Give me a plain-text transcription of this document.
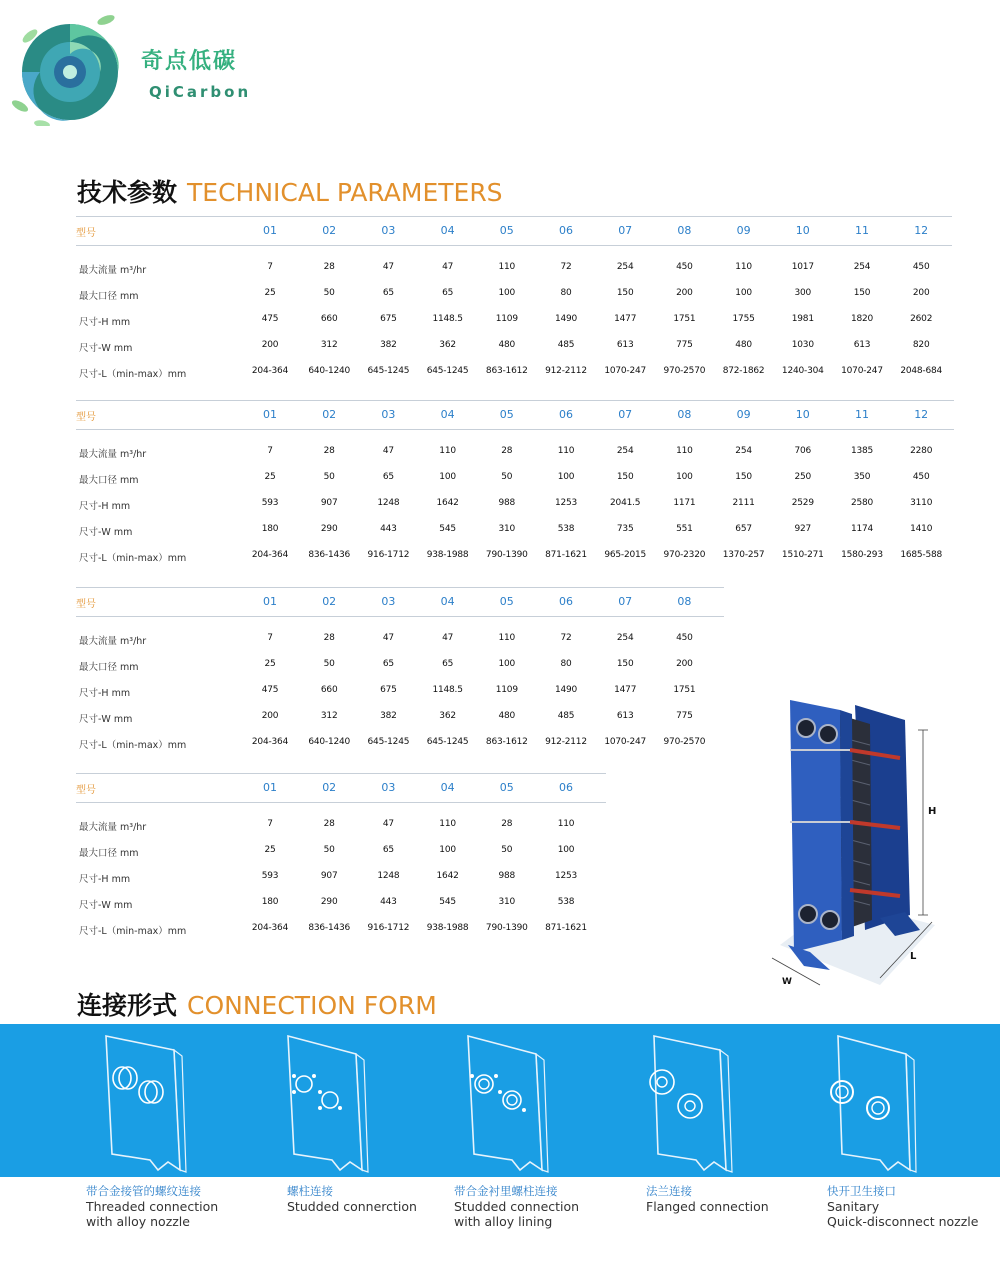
奇点低碳
QiCarbon
技术参数 TECHNICAL PARAMETERS
型号	01	02	03	04	05	06	07	08	09	10	11	12
最大流量 m³/hr	7	28	47	47	110	72	254	450	110	1017	254	450
最大口径 mm	25	50	65	65	100	80	150	200	100	300	150	200
尺寸-H mm	475	660	675	1148.5	1109	1490	1477	1751	1755	1981	1820	2602
尺寸-W mm	200	312	382	362	480	485	613	775	480	1030	613	820
尺寸-L（min-max）mm	204-364	640-1240	645-1245	645-1245	863-1612	912-2112	1070-247	970-2570	872-1862	1240-304	1070-247	2048-684
型号	01	02	03	04	05	06	07	08	09	10	11	12
最大流量 m³/hr	7	28	47	110	28	110	254	110	254	706	1385	2280
最大口径 mm	25	50	65	100	50	100	150	100	150	250	350	450
尺寸-H mm	593	907	1248	1642	988	1253	2041.5	1171	2111	2529	2580	3110
尺寸-W mm	180	290	443	545	310	538	735	551	657	927	1174	1410
尺寸-L（min-max）mm	204-364	836-1436	916-1712	938-1988	790-1390	871-1621	965-2015	970-2320	1370-257	1510-271	1580-293	1685-588
型号	01	02	03	04	05	06	07	08
最大流量 m³/hr	7	28	47	47	110	72	254	450
最大口径 mm	25	50	65	65	100	80	150	200
尺寸-H mm	475	660	675	1148.5	1109	1490	1477	1751
尺寸-W mm	200	312	382	362	480	485	613	775
尺寸-L（min-max）mm	204-364	640-1240	645-1245	645-1245	863-1612	912-2112	1070-247	970-2570
型号	01	02	03	04	05	06
最大流量 m³/hr	7	28	47	110	28	110
最大口径 mm	25	50	65	100	50	100
尺寸-H mm	593	907	1248	1642	988	1253
尺寸-W mm	180	290	443	545	310	538
尺寸-L（min-max）mm	204-364	836-1436	916-1712	938-1988	790-1390	871-1621
H
L
W
连接形式 CONNECTION FORM
带合金接管的螺纹连接
Threaded connection
with alloy nozzle
螺柱连接
Studded connerction
带合金衬里螺柱连接
Studded connection
with alloy lining
法兰连接
Flanged connection
快开卫生接口
Sanitary
Quick-disconnect nozzle
